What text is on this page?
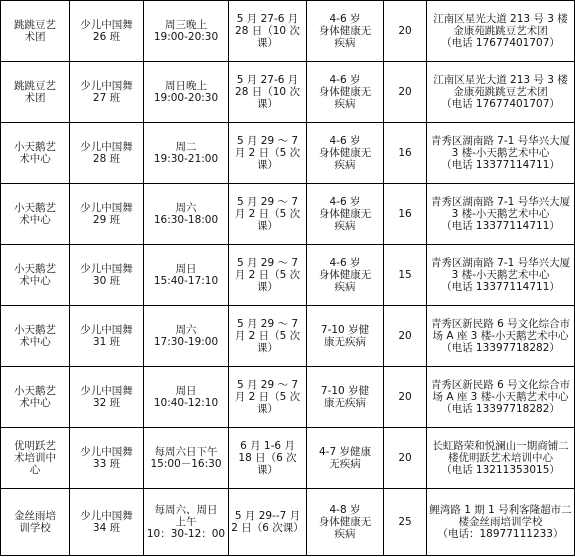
跳跳豆艺
术团	少儿中国舞
26 班	周三晚上
19:00-20:30	5 月 27-6 月
28 日（10 次
课）	4-6 岁
身体健康无
疾病	20	江南区星光大道 213 号 3 楼金康苑跳跳豆艺术团
（电话 17677401707）

跳跳豆艺
术团	少儿中国舞
27 班	周日晚上
19:00-20:30	5 月 27-6 月
28 日（10 次
课）	4-6 岁
身体健康无
疾病	20	江南区星光大道 213 号 3 楼金康苑跳跳豆艺术团
（电话 17677401707）

小天鹅艺
术中心	少儿中国舞
28 班	周二
19:30-21:00	5 月 29 ～ 7
月 2 日（5 次
课）	4-6 岁
身体健康无
疾病	16	青秀区湖南路 7-1 号华兴大厦 3 楼-小天鹅艺术中心
（电话 13377114711）

小天鹅艺
术中心	少儿中国舞
29 班	周六
16:30-18:00	5 月 29 ～ 7
月 2 日（5 次
课）	4-6 岁
身体健康无
疾病	16	青秀区湖南路 7-1 号华兴大厦 3 楼-小天鹅艺术中心
（电话 13377114711）

小天鹅艺
术中心	少儿中国舞
30 班	周日
15:40-17:10	5 月 29 ～ 7
月 2 日（5 次
课）	4-6 岁
身体健康无
疾病	15	青秀区湖南路 7-1 号华兴大厦 3 楼-小天鹅艺术中心
（电话 13377114711）

小天鹅艺
术中心	少儿中国舞
31 班	周六
17:30-19:00	5 月 29 ～ 7
月 2 日（5 次
课）	7-10 岁健
康无疾病	20	青秀区新民路 6 号文化综合市场 A 座 3 楼-小天鹅艺术中心
（电话 13397718282）

小天鹅艺
术中心	少儿中国舞
32 班	周日
10:40-12:10	5 月 29 ～ 7
月 2 日（5 次
课）	7-10 岁健
康无疾病	20	青秀区新民路 6 号文化综合市场 A 座 3 楼-小天鹅艺术中心
（电话 13397718282）

优明跃艺
术培训中
心	少儿中国舞
33 班	每周六日下午
15:00－16:30	6 月 1-6 月
18 日（6 次
课）	4-7 岁健康
无疾病	20	长虹路荣和悦澜山一期商铺二楼优明跃艺术培训中心
（电话 13211353015）

金丝雨培
训学校	少儿中国舞
34 班	每周六、周日
上午
10：30-12：00	5 月 29--7 月
2 日（6 次课）	4-8 岁
身体健康无
疾病	25	鲤湾路 1 期 1 号利客隆超市二楼金丝雨培训学校
（电话：18977111233）
